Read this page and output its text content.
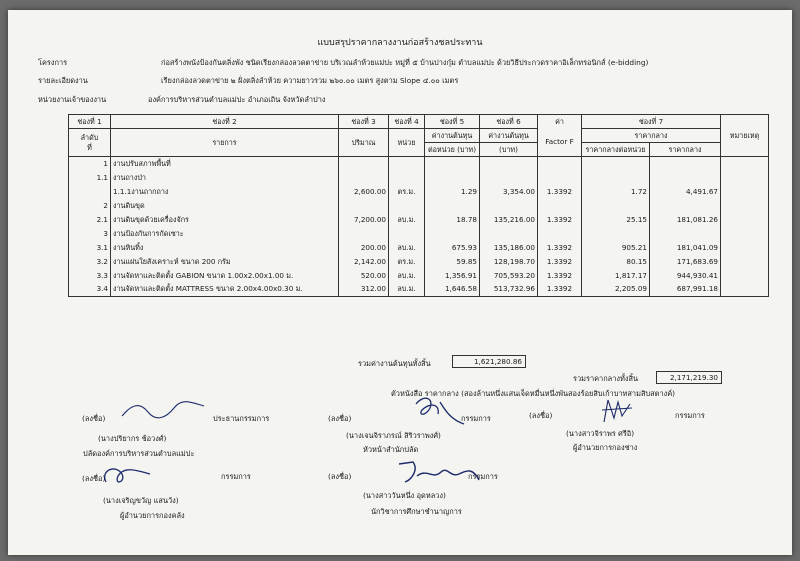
แบบสรุปราคากลางงานก่อสร้างชลประทาน
โครงการ	ก่อสร้างพนังป้องกันตลิ่งพัง ชนิดเรียงกล่องลวดตาข่าย บริเวณลำห้วยแม่ปะ หมู่ที่ ๕ บ้านปางกุ๋ม ตำบลแม่ปะ ด้วยวิธีประกวดราคาอิเล็กทรอนิกส์ (e-bidding)
รายละเอียดงาน	เรียงกล่องลวดตาข่าย ๒ ฝั่งตลิ่งลำห้วย ความยาวรวม ๒๖๐.๐๐ เมตร สูงตาม Slope ๔.๐๐ เมตร
หน่วยงานเจ้าของงาน	องค์การบริหารส่วนตำบลแม่ปะ อำเภอเถิน จังหวัดลำปาง
ช่องที่ 1	ช่องที่ 2	ช่องที่ 3	ช่องที่ 4	ช่องที่ 5	ช่องที่ 6	ค่า	ช่องที่ 7		หมายเหตุ
ลำดับ
ที่	รายการ	ปริมาณ	หน่วย	ค่างานต้นทุน	ค่างานต้นทุน	Factor F	ราคากลาง		
				ต่อหน่วย (บาท)	(บาท)		ราคากลางต่อหน่วย	ราคากลาง	
1	งานปรับสภาพพื้นที่								
1.1	งานถางป่า								
	1.1.1งานถากถาง	2,600.00	ตร.ม.	1.29	3,354.00	1.3392	1.72	4,491.67	
2	งานดินขุด								
2.1	งานดินขุดด้วยเครื่องจักร	7,200.00	ลบ.ม.	18.78	135,216.00	1.3392	25.15	181,081.26	
3	งานป้องกันการกัดเซาะ								
3.1	งานหินทิ้ง	200.00	ลบ.ม.	675.93	135,186.00	1.3392	905.21	181,041.09	
3.2	งานแผ่นใยสังเคราะห์ ขนาด 200 กรัม	2,142.00	ตร.ม.	59.85	128,198.70	1.3392	80.15	171,683.69	
3.3	งานจัดหาและติดตั้ง GABION ขนาด 1.00x2.00x1.00 ม.	520.00	ลบ.ม.	1,356.91	705,593.20	1.3392	1,817.17	944,930.41	
3.4	งานจัดหาและติดตั้ง MATTRESS ขนาด 2.00x4.00x0.30 ม.	312.00	ลบ.ม.	1,646.58	513,732.96	1.3392	2,205.09	687,991.18	
รวมค่างานต้นทุนทั้งสิ้น	1,621,280.86
รวมราคากลางทั้งสิ้น	2,171,219.30
ตัวหนังสือ ราคากลาง (สองล้านหนึ่งแสนเจ็ดหมื่นหนึ่งพันสองร้อยสิบเก้าบาทสามสิบสตางค์)
(ลงชื่อ)	ประธานกรรมการ
(นางปริยากร ช้อวงศ์)
ปลัดองค์การบริหารส่วนตำบลแม่ปะ
(ลงชื่อ)	กรรมการ
(นางเจนจิราภรณ์ สิริวราพงศ์)
หัวหน้าสำนักปลัด
(ลงชื่อ)	กรรมการ
(นางสาวจิราพร ศรีอิ)
ผู้อำนวยการกองช่าง
(ลงชื่อ)	กรรมการ
(นางเจริญขวัญ แสนวัง)
ผู้อำนวยการกองคลัง
(ลงชื่อ)	กรรมการ
(นางสาววันหนึ่ง อุดหลวง)
นักวิชาการศึกษาชำนาญการ
